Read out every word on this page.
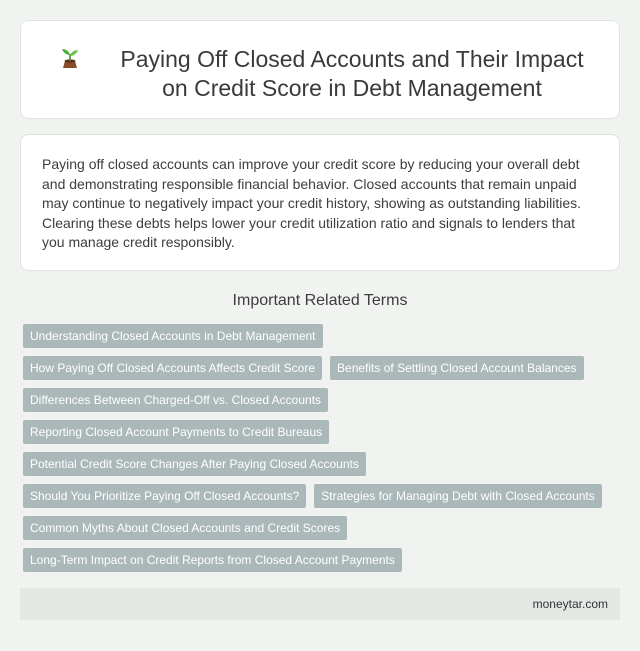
Paying Off Closed Accounts and Their Impact on Credit Score in Debt Management

Paying off closed accounts can improve your credit score by reducing your overall debt and demonstrating responsible financial behavior. Closed accounts that remain unpaid may continue to negatively impact your credit history, showing as outstanding liabilities. Clearing these debts helps lower your credit utilization ratio and signals to lenders that you manage credit responsibly.

Important Related Terms
Understanding Closed Accounts in Debt Management
How Paying Off Closed Accounts Affects Credit Score	Benefits of Settling Closed Account Balances
Differences Between Charged-Off vs. Closed Accounts
Reporting Closed Account Payments to Credit Bureaus
Potential Credit Score Changes After Paying Closed Accounts
Should You Prioritize Paying Off Closed Accounts?	Strategies for Managing Debt with Closed Accounts
Common Myths About Closed Accounts and Credit Scores
Long-Term Impact on Credit Reports from Closed Account Payments
moneytar.com
